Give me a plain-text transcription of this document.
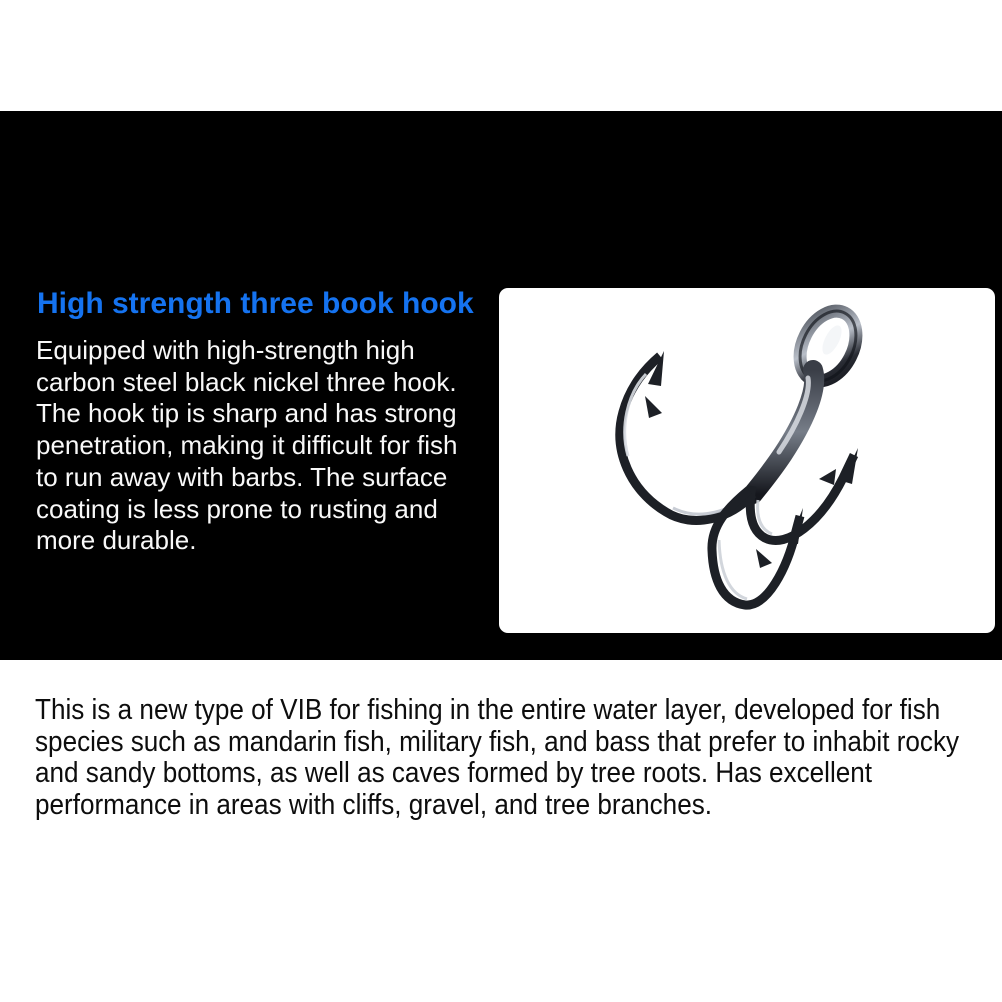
High strength three book hook
Equipped with high-strength high carbon steel black nickel three hook. The hook tip is sharp and has strong penetration, making it difficult for fish to run away with barbs. The surface coating is less prone to rusting and more durable.
This is a new type of VIB for fishing in the entire water layer, developed for fish species such as mandarin fish, military fish, and bass that prefer to inhabit rocky and sandy bottoms, as well as caves formed by tree roots. Has excellent performance in areas with cliffs, gravel, and tree branches.
